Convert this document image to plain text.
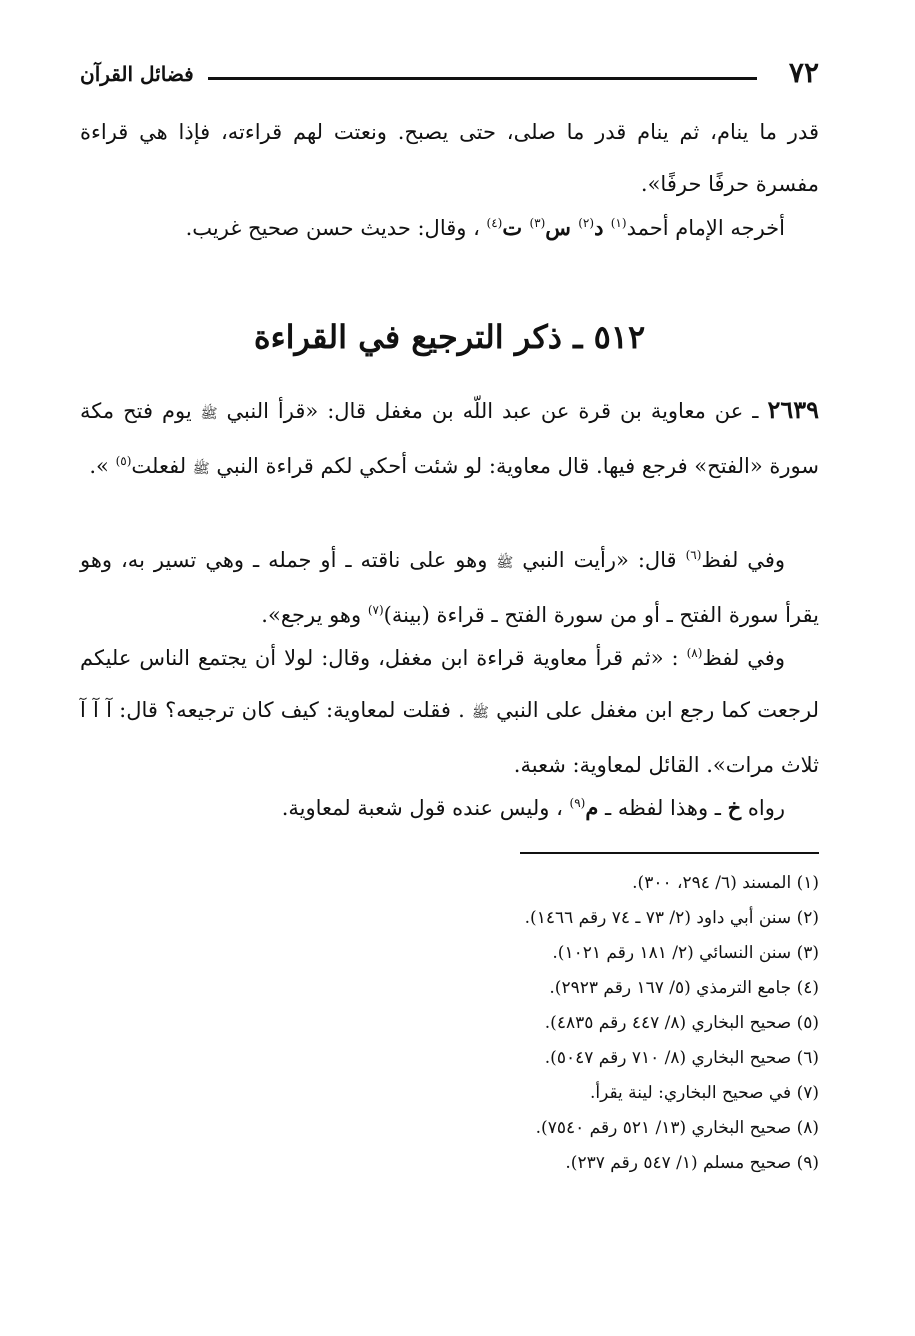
٧٢
فضائل القرآن

قدر ما ينام، ثم ينام قدر ما صلى، حتى يصبح. ونعتت لهم قراءته، فإذا هي قراءة مفسرة حرفًا حرفًا».

أخرجه الإمام أحمد$^{(١)}$ د$^{(٢)}$ س$^{(٣)}$ ت$^{(٤)}$ ، وقال: حديث حسن صحيح غريب.

٥١٢ ـ ذكر الترجيع في القراءة

٢٦٣٩ ـ عن معاوية بن قرة عن عبد اللّه بن مغفل قال: «قرأ النبي ﷺ يوم فتح مكة سورة «الفتح» فرجع فيها. قال معاوية: لو شئت أحكي لكم قراءة النبي ﷺ لفعلت$^{(٥)}$ ».

وفي لفظ$^{(٦)}$ قال: «رأيت النبي ﷺ وهو على ناقته ـ أو جمله ـ وهي تسير به، وهو يقرأ سورة الفتح ـ أو من سورة الفتح ـ قراءة (بينة)$^{(٧)}$ وهو يرجع».

وفي لفظ$^{(٨)}$ : «ثم قرأ معاوية قراءة ابن مغفل، وقال: لولا أن يجتمع الناس عليكم لرجعت كما رجع ابن مغفل على النبي ﷺ . فقلت لمعاوية: كيف كان ترجيعه؟ قال: آ آ آ ثلاث مرات». القائل لمعاوية: شعبة.

رواه خ ـ وهذا لفظه ـ م$^{(٩)}$ ، وليس عنده قول شعبة لمعاوية.

(١) المسند (٦/ ٢٩٤، ٣٠٠).
(٢) سنن أبي داود (٢/ ٧٣ ـ ٧٤ رقم ١٤٦٦).
(٣) سنن النسائي (٢/ ١٨١ رقم ١٠٢١).
(٤) جامع الترمذي (٥/ ١٦٧ رقم ٢٩٢٣).
(٥) صحيح البخاري (٨/ ٤٤٧ رقم ٤٨٣٥).
(٦) صحيح البخاري (٨/ ٧١٠ رقم ٥٠٤٧).
(٧) في صحيح البخاري: لينة يقرأ.
(٨) صحيح البخاري (١٣/ ٥٢١ رقم ٧٥٤٠).
(٩) صحيح مسلم (١/ ٥٤٧ رقم ٢٣٧).
